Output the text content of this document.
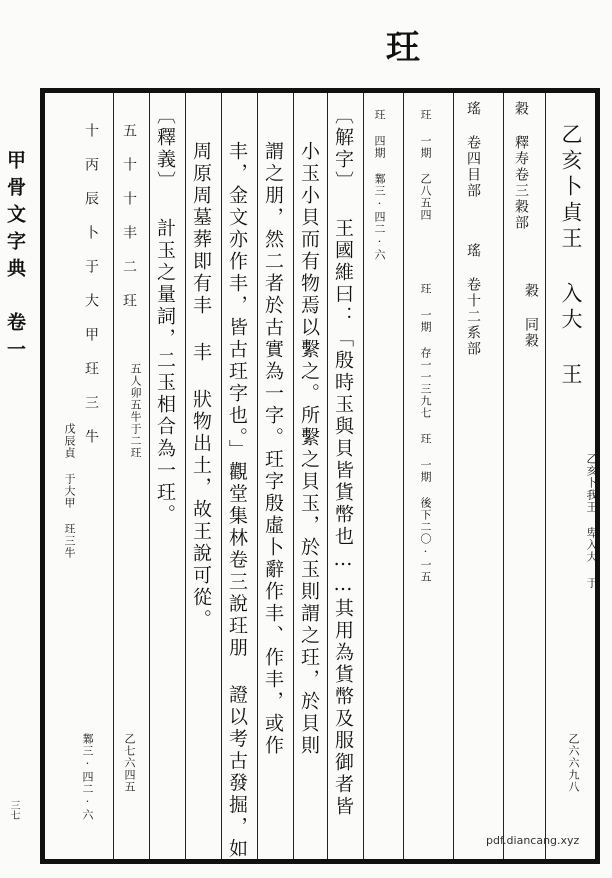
玨
甲骨文字典　卷一
三七
乙亥卜貞王 入大 王
乙亥卜我王 卑入大 于
乙六六九八
穀 釋寿卷三穀部
穀 同穀
瑤 卷四目部
瑤 卷十二系部
玨 一期 乙八五四
玨 一期 存一一三九七
玨 一期 後下二〇·一五
玨 四期 鄴三·四二·六
〔解字〕 王國維曰：「殷時玉與貝皆貨幣也……其用為貨幣及服御者皆
小玉小貝而有物焉以繫之。所繫之貝玉，於玉則謂之玨，於貝則
謂之朋，然二者於古實為一字。玨字殷虛卜辭作丰、作丰，或作
丰，金文亦作丰，皆古玨字也。」觀堂集林卷三說玨朋 證以考古發掘，如
周原周墓葬即有丰 丰 狀物出土，故王說可從。
〔釋義〕 計玉之量詞，二玉相合為一玨。
五 十 十 丰 二 玨
五人卯五牛于二玨
乙七六四五
十 丙 辰 卜 于 大 甲 玨 三 牛
戊辰貞 于大甲 玨三牛
鄴三·四二·六
pdf.diancang.xyz
